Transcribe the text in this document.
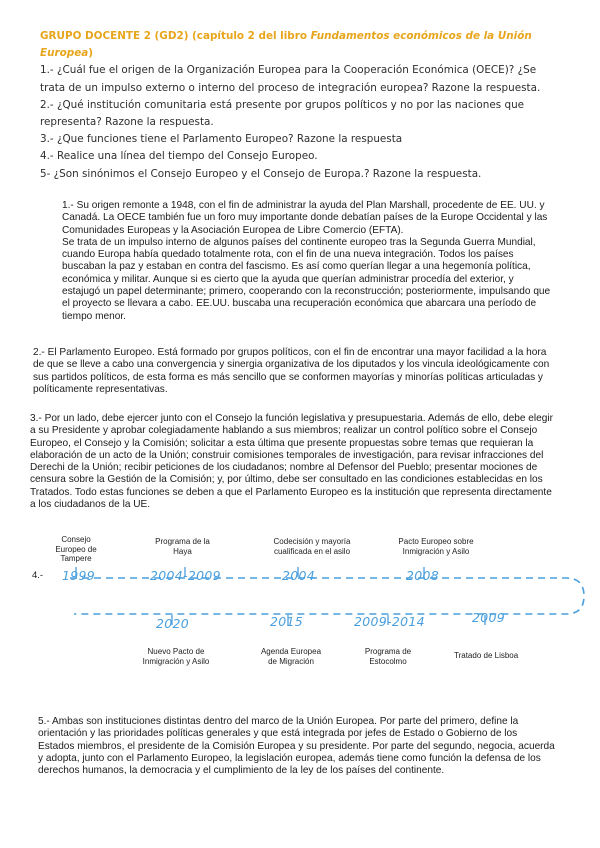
GRUPO DOCENTE 2 (GD2) (capítulo 2 del libro Fundamentos económicos de la Unión Europea)

1.- ¿Cuál fue el origen de la Organización Europea para la Cooperación Económica (OECE)? ¿Se trata de un impulso externo o interno del proceso de integración europea? Razone la respuesta.

2.- ¿Qué institución comunitaria está presente por grupos políticos y no por las naciones que representa? Razone la respuesta.

3.- ¿Que funciones tiene el Parlamento Europeo? Razone la respuesta

4.- Realice una línea del tiempo del Consejo Europeo.

5- ¿Son sinónimos el Consejo Europeo y el Consejo de Europa.? Razone la respuesta.

1.- Su origen remonte a 1948, con el fin de administrar la ayuda del Plan Marshall, procedente de EE. UU. y Canadá. La OECE también fue un foro muy importante donde debatían países de la Europe Occidental y las Comunidades Europeas y la Asociación Europea de Libre Comercio (EFTA).

Se trata de un impulso interno de algunos países del continente europeo tras la Segunda Guerra Mundial, cuando Europa había quedado totalmente rota, con el fin de una nueva integración. Todos los países buscaban la paz y estaban en contra del fascismo. Es así como querían llegar a una hegemonía política, económica y militar. Aunque si es cierto que la ayuda que querían administrar procedía del exterior, y estajugó un papel determinante; primero, cooperando con la reconstrucción; posteriormente, impulsando que el proyecto se llevara a cabo. EE.UU. buscaba una recuperación económica que abarcara una período de tiempo menor.

2.- El Parlamento Europeo. Está formado por grupos políticos, con el fin de encontrar una mayor facilidad a la hora de que se lleve a cabo una convergencia y sinergia organizativa de los diputados y los vincula ideológicamente con sus partidos políticos, de esta forma es más sencillo que se conformen mayorías y minorías políticas articuladas y políticamente representativas.

3.- Por un lado, debe ejercer junto con el Consejo la función legislativa y presupuestaria. Además de ello, debe elegir a su Presidente y aprobar colegiadamente hablando a sus miembros; realizar un control político sobre el Consejo Europeo, el Consejo y la Comisión; solicitar a esta última que presente propuestas sobre temas que requieran la elaboración de un acto de la Unión; construir comisiones temporales de investigación, para revisar infracciones del Derechi de la Unión; recibir peticiones de los ciudadanos; nombre al Defensor del Pueblo; presentar mociones de censura sobre la Gestión de la Comisión; y, por último, debe ser consultado en las condiciones establecidas en los Tratados. Todo estas funciones se deben a que el Parlamento Europeo es la institución que representa directamente a los ciudadanos de la UE.

Consejo Europeo de Tampere
Programa de la Haya
Codecisión y mayoría cualificada en el asilo
Pacto Europeo sobre Inmigración y Asilo
4.- 1999	2004-2009	2004	2008
2020	2015	2009-2014	2009
Nuevo Pacto de Inmigración y Asilo
Agenda Europea de Migración
Programa de Estocolmo
Tratado de Lisboa

5.- Ambas son instituciones distintas dentro del marco de la Unión Europea. Por parte del primero, define la orientación y las prioridades políticas generales y que está integrada por jefes de Estado o Gobierno de los Estados miembros, el presidente de la Comisión Europea y su presidente. Por parte del segundo, negocia, acuerda y adopta, junto con el Parlamento Europeo, la legislación europea, además tiene como función la defensa de los derechos humanos, la democracia y el cumplimiento de la ley de los países del continente.
